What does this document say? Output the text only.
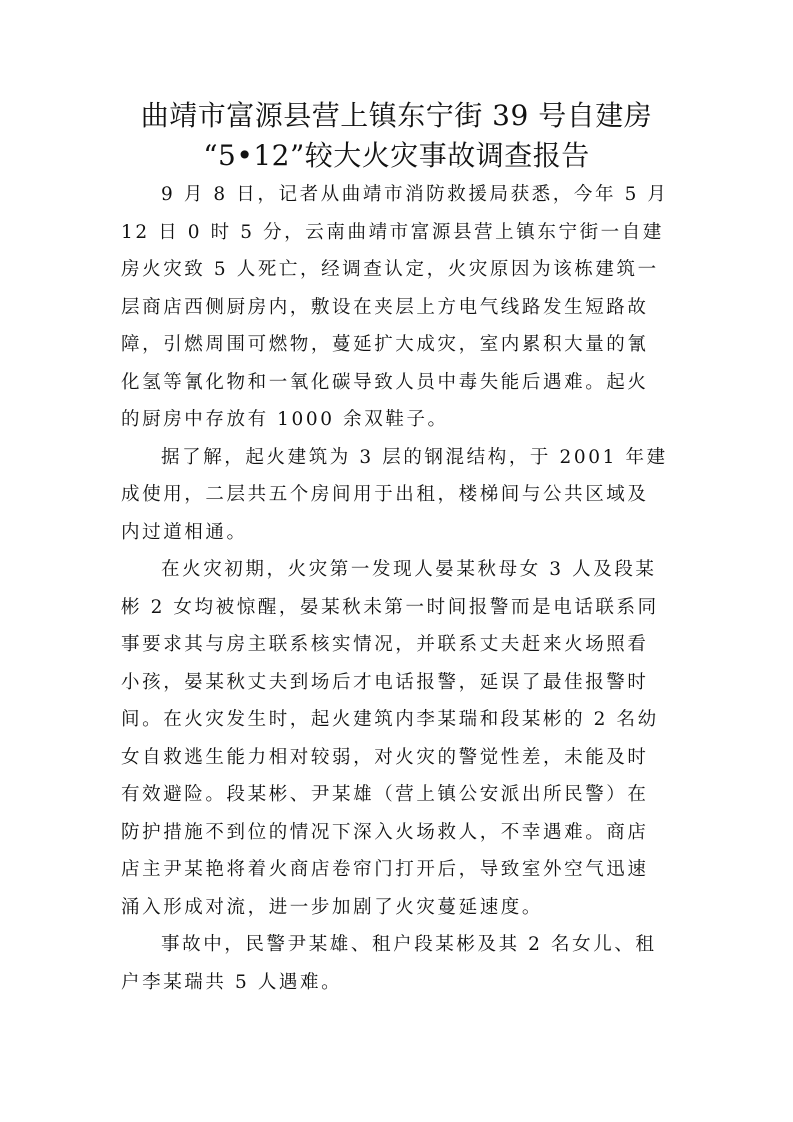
曲靖市富源县营上镇东宁街 39 号自建房
“5•12”较大火灾事故调查报告

9 月 8 日，记者从曲靖市消防救援局获悉，今年 5 月
12 日 0 时 5 分，云南曲靖市富源县营上镇东宁街一自建
房火灾致 5 人死亡，经调查认定，火灾原因为该栋建筑一
层商店西侧厨房内，敷设在夹层上方电气线路发生短路故
障，引燃周围可燃物，蔓延扩大成灾，室内累积大量的氰
化氢等氰化物和一氧化碳导致人员中毒失能后遇难。起火
的厨房中存放有 1000 余双鞋子。

据了解，起火建筑为 3 层的钢混结构，于 2001 年建
成使用，二层共五个房间用于出租，楼梯间与公共区域及
内过道相通。

在火灾初期，火灾第一发现人晏某秋母女 3 人及段某
彬 2 女均被惊醒，晏某秋未第一时间报警而是电话联系同
事要求其与房主联系核实情况，并联系丈夫赶来火场照看
小孩，晏某秋丈夫到场后才电话报警，延误了最佳报警时
间。在火灾发生时，起火建筑内李某瑞和段某彬的 2 名幼
女自救逃生能力相对较弱，对火灾的警觉性差，未能及时
有效避险。段某彬、尹某雄（营上镇公安派出所民警）在
防护措施不到位的情况下深入火场救人，不幸遇难。商店
店主尹某艳将着火商店卷帘门打开后，导致室外空气迅速
涌入形成对流，进一步加剧了火灾蔓延速度。

事故中，民警尹某雄、租户段某彬及其 2 名女儿、租
户李某瑞共 5 人遇难。
